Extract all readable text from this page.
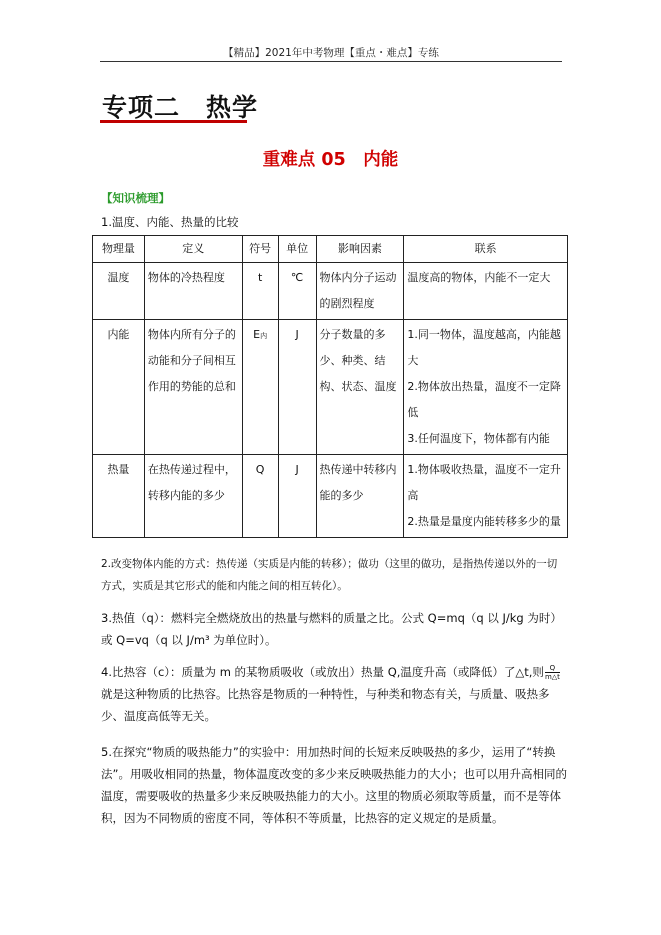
【精品】2021年中考物理【重点・难点】专练
专项二　热学
重难点 05　内能
【知识梳理】
1.温度、内能、热量的比较
物理量	定义	符号	单位	影响因素	联系
温度	物体的冷热程度	t	℃	物体内分子运动的剧烈程度	温度高的物体，内能不一定大
内能	物体内所有分子的动能和分子间相互作用的势能的总和	E内	J	分子数量的多少、种类、结构、状态、温度	1.同一物体，温度越高，内能越大
2.物体放出热量，温度不一定降低
3.任何温度下，物体都有内能

热量	在热传递过程中，转移内能的多少	Q	J	热传递中转移内能的多少	1.物体吸收热量，温度不一定升高
2.热量是量度内能转移多少的量
2.改变物体内能的方式：热传递（实质是内能的转移）；做功（这里的做功，是指热传递以外的一切方式，实质是其它形式的能和内能之间的相互转化）。
3.热值（q）：燃料完全燃烧放出的热量与燃料的质量之比。公式 Q=mq（q 以 J/kg 为时）或 Q=vq（q 以 J/m³ 为单位时）。
4.比热容（c）：质量为 m 的某物质吸收（或放出）热量 Q,温度升高（或降低）了△t,则 $\frac{Q}{m\triangle t}$
就是这种物质的比热容。比热容是物质的一种特性，与种类和物态有关，与质量、吸热多少、温度高低等无关。
5.在探究“物质的吸热能力”的实验中：用加热时间的长短来反映吸热的多少，运用了“转换法”。用吸收相同的热量，物体温度改变的多少来反映吸热能力的大小；也可以用升高相同的温度，需要吸收的热量多少来反映吸热能力的大小。这里的物质必须取等质量，而不是等体积，因为不同物质的密度不同，等体积不等质量，比热容的定义规定的是质量。
